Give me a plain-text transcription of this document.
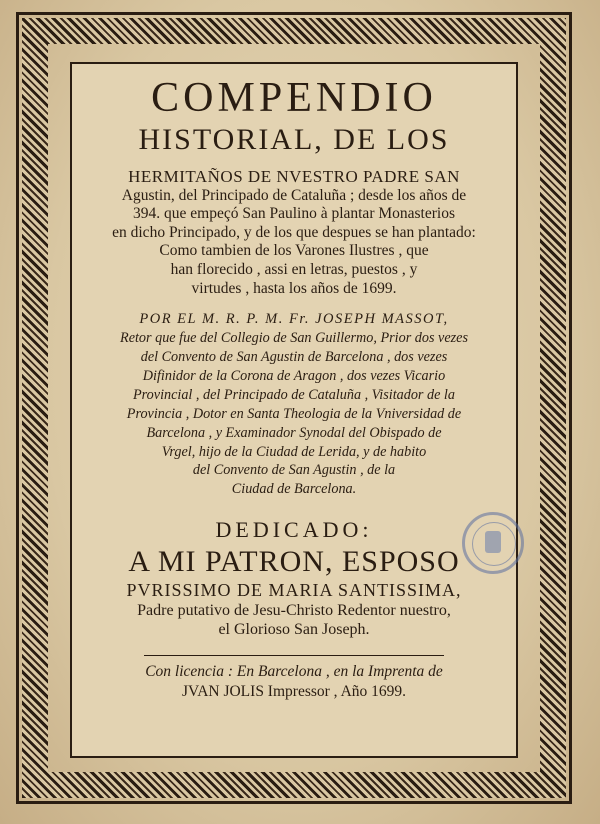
COMPENDIO
HISTORIAL, DE LOS
HERMITAÑOS DE NVESTRO PADRE SAN
Agustin, del Principado de Cataluña ; desde los años de
394. que empeçó San Paulino à plantar Monasterios
en dicho Principado, y de los que despues se han plantado:
Como tambien de los Varones Ilustres , que
han florecido , assi en letras, puestos , y
virtudes , hasta los años de 1699.
POR EL M. R. P. M. Fr. JOSEPH MASSOT,
Retor que fue del Collegio de San Guillermo, Prior dos vezes
del Convento de San Agustin de Barcelona , dos vezes
Difinidor de la Corona de Aragon , dos vezes Vicario
Provincial , del Principado de Cataluña , Visitador de la
Provincia , Dotor en Santa Theologia de la Vniversidad de
Barcelona , y Examinador Synodal del Obispado de
Vrgel, hijo de la Ciudad de Lerida, y de habito
del Convento de San Agustin , de la
Ciudad de Barcelona.
DEDICADO:
A MI PATRON, ESPOSO
PVRISSIMO DE MARIA SANTISSIMA,
Padre putativo de Jesu-Christo Redentor nuestro,
el Glorioso San Joseph.
Con licencia : En Barcelona , en la Imprenta de
JVAN JOLIS Impressor , Año 1699.
